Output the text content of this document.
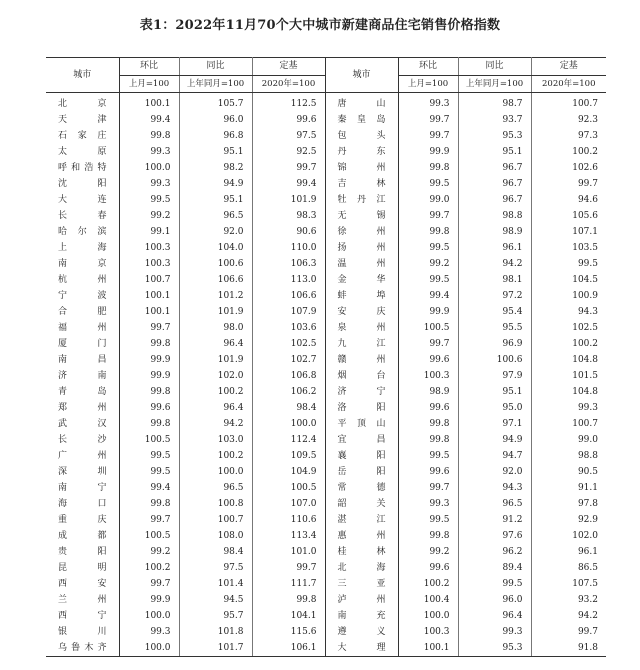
表1：2022年11月70个大中城市新建商品住宅销售价格指数
城市	环比	同比	定基	城市	环比	同比	定基
	上月=100	上年同月=100	2020年=100		上月=100	上年同月=100	2020年=100
北京	100.1	105.7	112.5	唐山	99.3	98.7	100.7
天津	99.4	96.0	99.6	秦皇岛	99.7	93.7	92.3
石家庄	99.8	96.8	97.5	包头	99.7	95.3	97.3
太原	99.3	95.1	92.5	丹东	99.9	95.1	100.2
呼和浩特	100.0	98.2	99.7	锦州	99.8	96.7	102.6
沈阳	99.3	94.9	99.4	吉林	99.5	96.7	99.7
大连	99.5	95.1	101.9	牡丹江	99.0	96.7	94.6
长春	99.2	96.5	98.3	无锡	99.7	98.8	105.6
哈尔滨	99.1	92.0	90.6	徐州	99.8	98.9	107.1
上海	100.3	104.0	110.0	扬州	99.5	96.1	103.5
南京	100.3	100.6	106.3	温州	99.2	94.2	99.5
杭州	100.7	106.6	113.0	金华	99.5	98.1	104.5
宁波	100.1	101.2	106.6	蚌埠	99.4	97.2	100.9
合肥	100.1	101.9	107.9	安庆	99.9	95.4	94.3
福州	99.7	98.0	103.6	泉州	100.5	95.5	102.5
厦门	99.8	96.4	102.5	九江	99.7	96.9	100.2
南昌	99.9	101.9	102.7	赣州	99.6	100.6	104.8
济南	99.9	102.0	106.8	烟台	100.3	97.9	101.5
青岛	99.8	100.2	106.2	济宁	98.9	95.1	104.8
郑州	99.6	96.4	98.4	洛阳	99.6	95.0	99.3
武汉	99.8	94.2	100.0	平顶山	99.8	97.1	100.7
长沙	100.5	103.0	112.4	宜昌	99.8	94.9	99.0
广州	99.5	100.2	109.5	襄阳	99.5	94.7	98.8
深圳	99.5	100.0	104.9	岳阳	99.6	92.0	90.5
南宁	99.4	96.5	100.5	常德	99.7	94.3	91.1
海口	99.8	100.8	107.0	韶关	99.3	96.5	97.8
重庆	99.7	100.7	110.6	湛江	99.5	91.2	92.9
成都	100.5	108.0	113.4	惠州	99.8	97.6	102.0
贵阳	99.2	98.4	101.0	桂林	99.2	96.2	96.1
昆明	100.2	97.5	99.7	北海	99.6	89.4	86.5
西安	99.7	101.4	111.7	三亚	100.2	99.5	107.5
兰州	99.9	94.5	99.8	泸州	100.4	96.0	93.2
西宁	100.0	95.7	104.1	南充	100.0	96.4	94.2
银川	99.3	101.8	115.6	遵义	100.3	99.3	99.7
乌鲁木齐	100.0	101.7	106.1	大理	100.1	95.3	91.8
